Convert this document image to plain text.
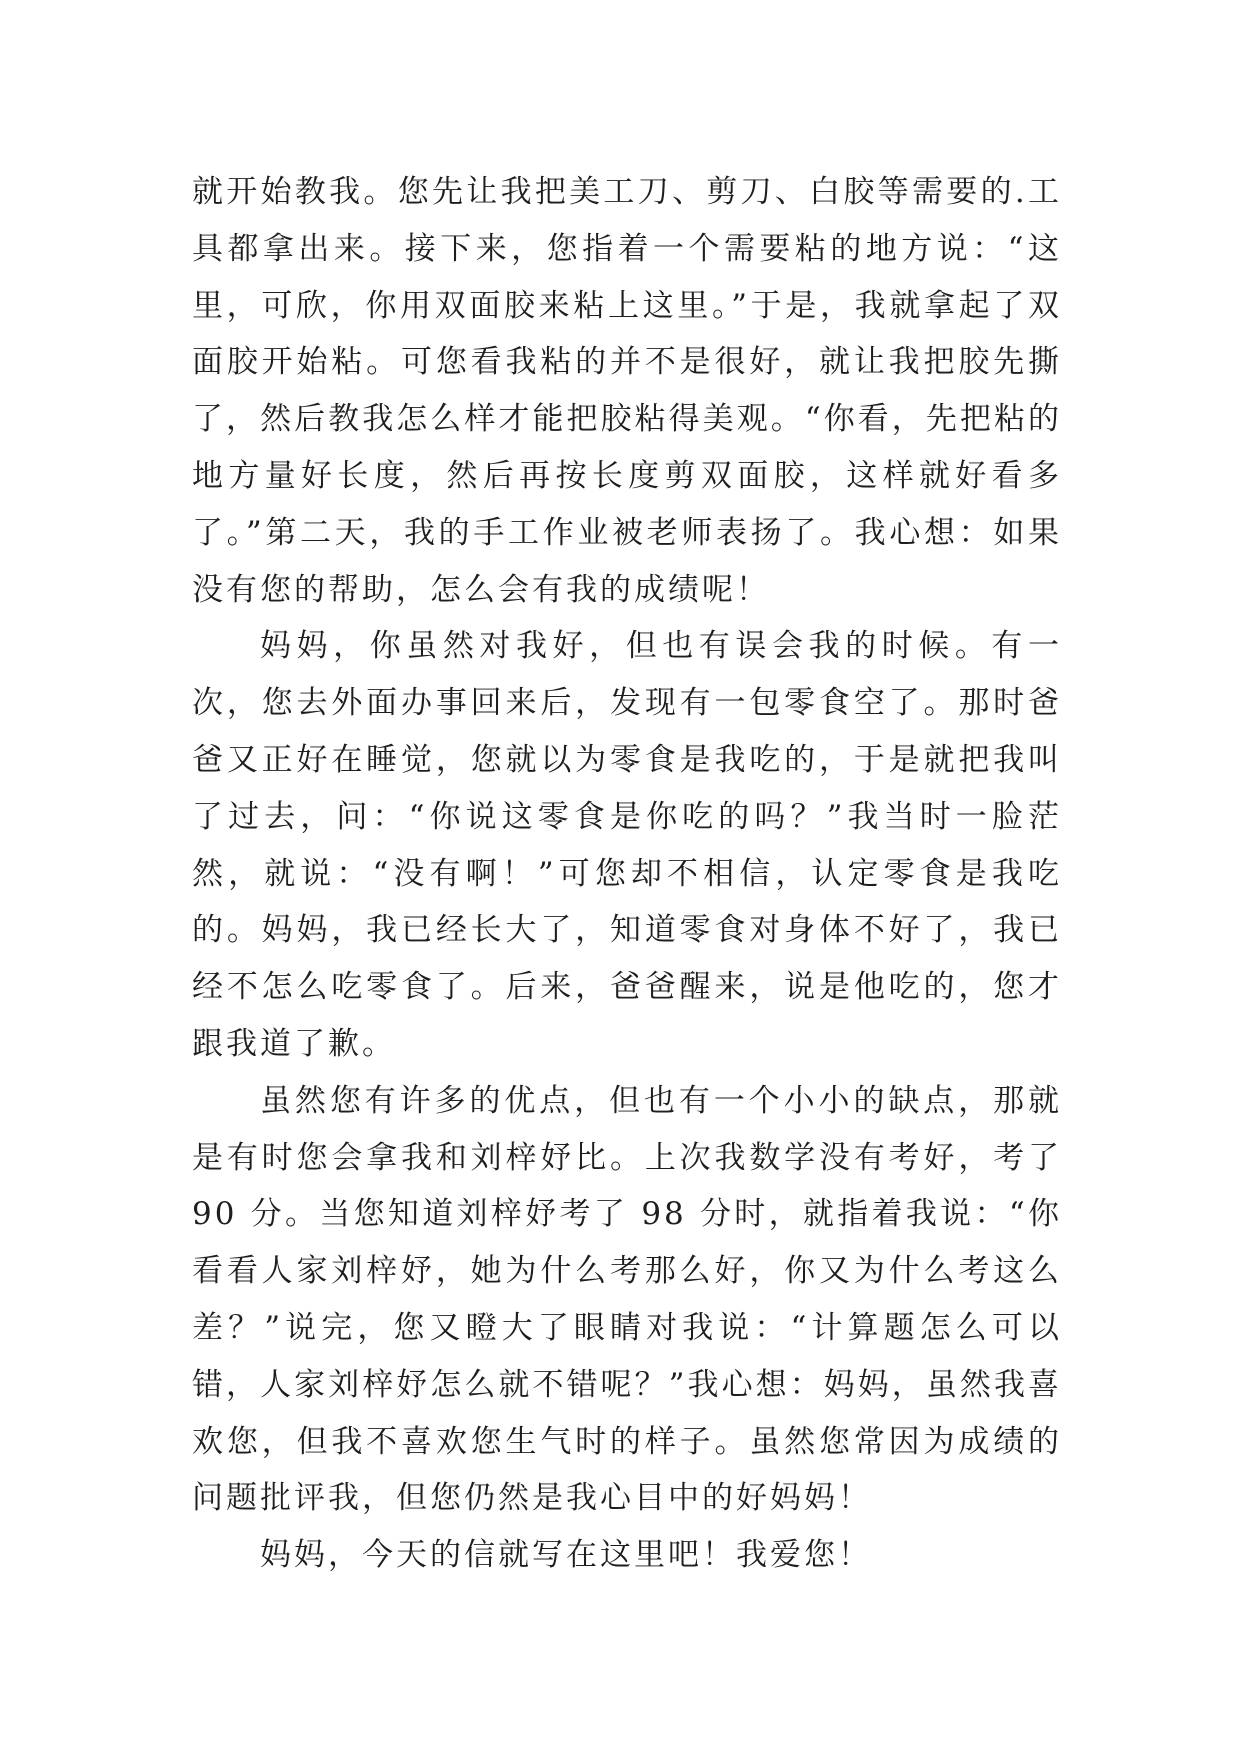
就开始教我。您先让我把美工刀、剪刀、白胶等需要的.工具都拿出来。接下来，您指着一个需要粘的地方说：“这里，可欣，你用双面胶来粘上这里。”于是，我就拿起了双面胶开始粘。可您看我粘的并不是很好，就让我把胶先撕了，然后教我怎么样才能把胶粘得美观。“你看，先把粘的地方量好长度，然后再按长度剪双面胶，这样就好看多了。”第二天，我的手工作业被老师表扬了。我心想：如果没有您的帮助，怎么会有我的成绩呢！

妈妈，你虽然对我好，但也有误会我的时候。有一次，您去外面办事回来后，发现有一包零食空了。那时爸爸又正好在睡觉，您就以为零食是我吃的，于是就把我叫了过去，问：“你说这零食是你吃的吗？”我当时一脸茫然，就说：“没有啊！”可您却不相信，认定零食是我吃的。妈妈，我已经长大了，知道零食对身体不好了，我已经不怎么吃零食了。后来，爸爸醒来，说是他吃的，您才跟我道了歉。

虽然您有许多的优点，但也有一个小小的缺点，那就是有时您会拿我和刘梓妤比。上次我数学没有考好，考了 90 分。当您知道刘梓妤考了 98 分时，就指着我说：“你看看人家刘梓妤，她为什么考那么好，你又为什么考这么差？”说完，您又瞪大了眼睛对我说：“计算题怎么可以错，人家刘梓妤怎么就不错呢？”我心想：妈妈，虽然我喜欢您，但我不喜欢您生气时的样子。虽然您常因为成绩的问题批评我，但您仍然是我心目中的好妈妈！

妈妈，今天的信就写在这里吧！我爱您！
